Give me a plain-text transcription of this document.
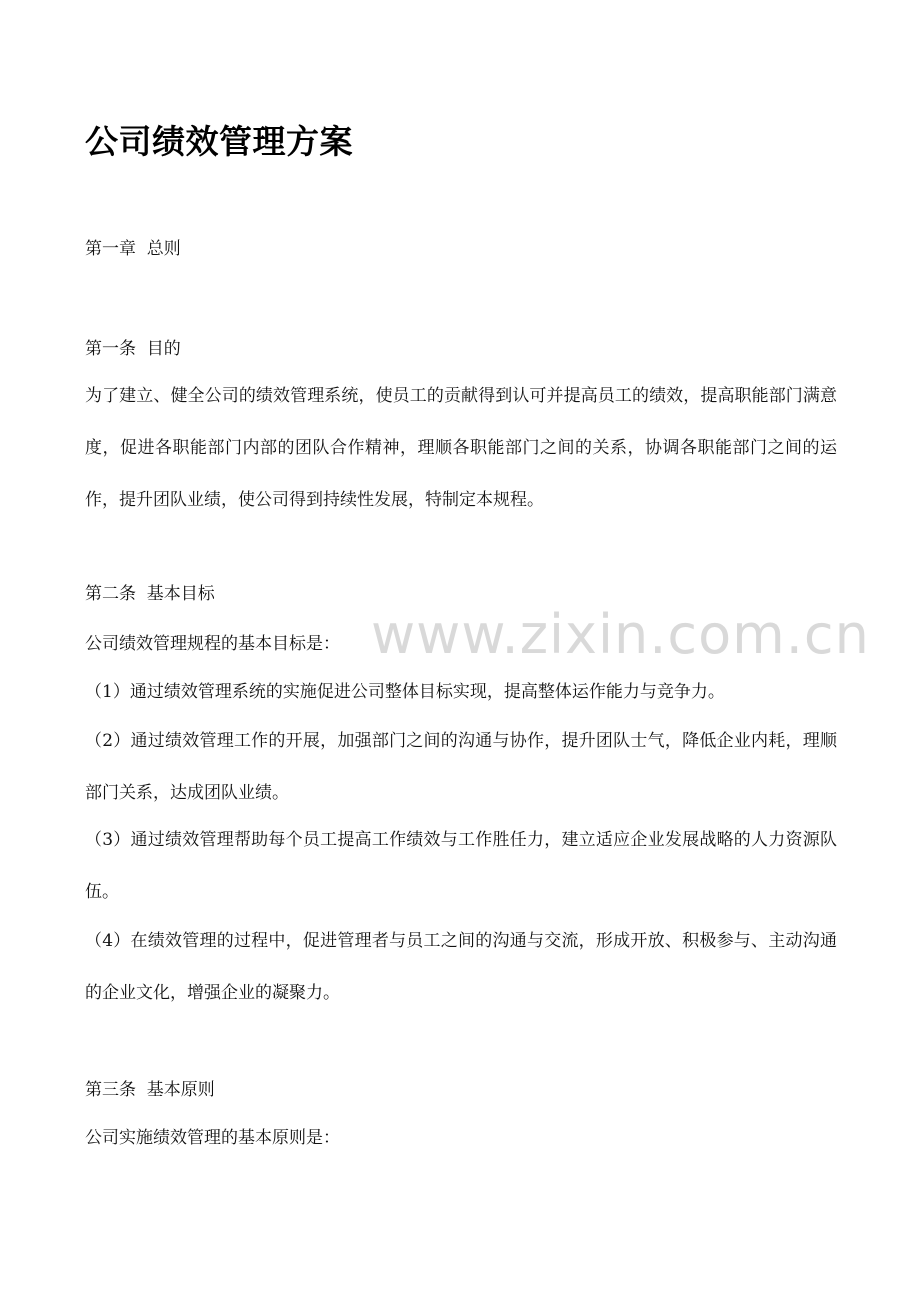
www.zixin.com.cn
公司绩效管理方案
第一章  总则
第一条  目的
为了建立、健全公司的绩效管理系统，使员工的贡献得到认可并提高员工的绩效，提高职能部门满意度，促进各职能部门内部的团队合作精神，理顺各职能部门之间的关系，协调各职能部门之间的运作，提升团队业绩，使公司得到持续性发展，特制定本规程。
第二条  基本目标
公司绩效管理规程的基本目标是：
（1）通过绩效管理系统的实施促进公司整体目标实现，提高整体运作能力与竞争力。
（2）通过绩效管理工作的开展，加强部门之间的沟通与协作，提升团队士气，降低企业内耗，理顺部门关系，达成团队业绩。
（3）通过绩效管理帮助每个员工提高工作绩效与工作胜任力，建立适应企业发展战略的人力资源队伍。
（4）在绩效管理的过程中，促进管理者与员工之间的沟通与交流，形成开放、积极参与、主动沟通的企业文化，增强企业的凝聚力。
第三条  基本原则
公司实施绩效管理的基本原则是：
